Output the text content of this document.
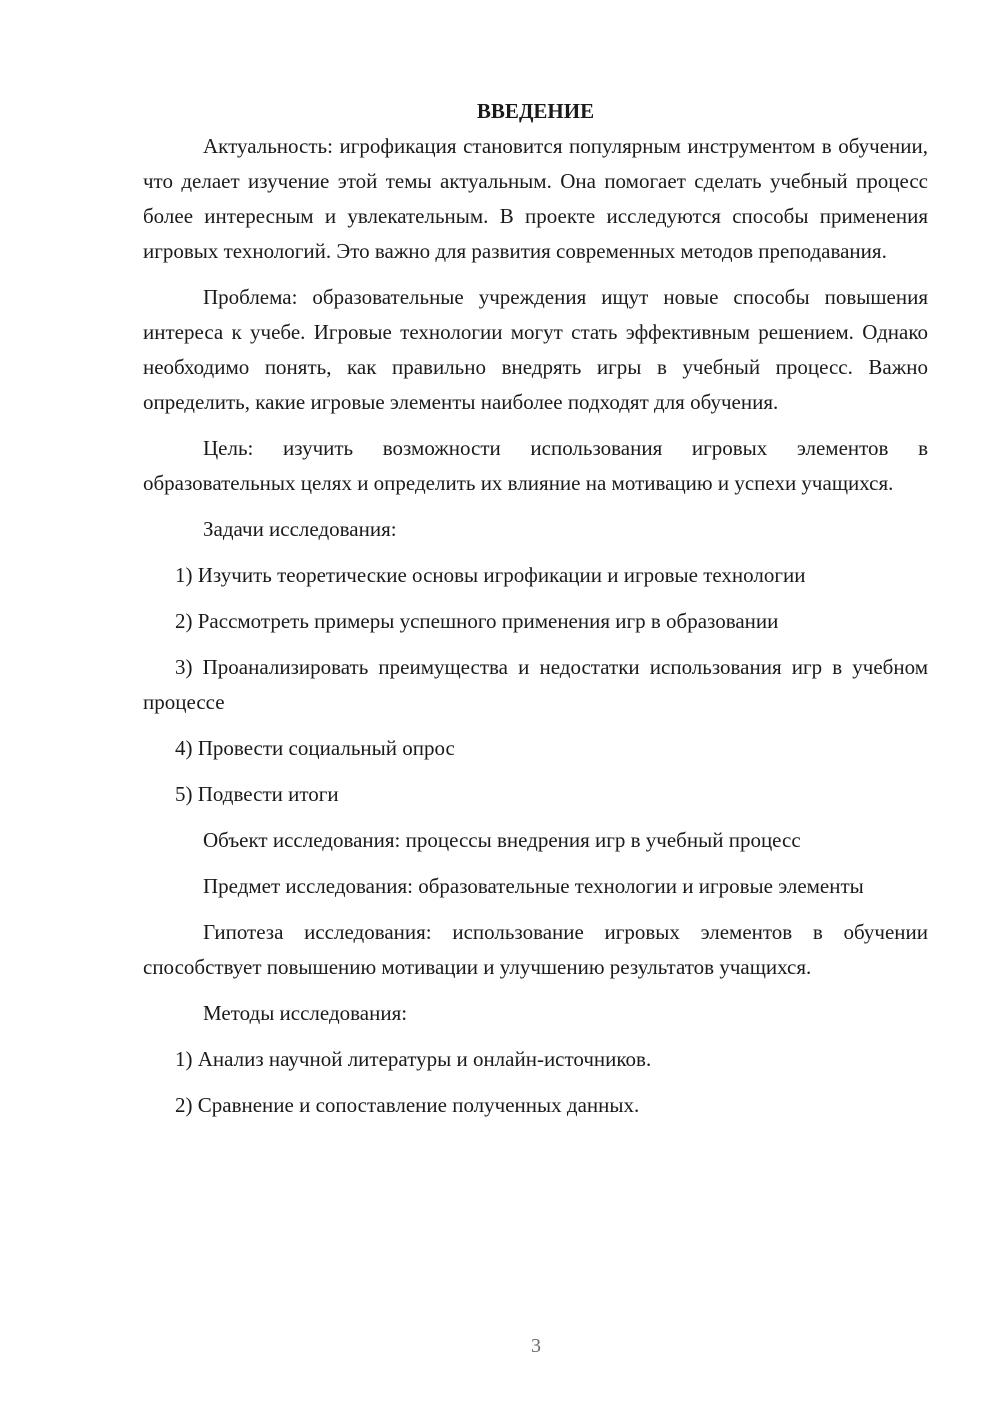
ВВЕДЕНИЕ

Актуальность: игрофикация становится популярным инструментом в обучении, что делает изучение этой темы актуальным. Она помогает сделать учебный процесс более интересным и увлекательным. В проекте исследуются способы применения игровых технологий. Это важно для развития современных методов преподавания.

Проблема: образовательные учреждения ищут новые способы повышения интереса к учебе. Игровые технологии могут стать эффективным решением. Однако необходимо понять, как правильно внедрять игры в учебный процесс. Важно определить, какие игровые элементы наиболее подходят для обучения.

Цель: изучить возможности использования игровых элементов в образовательных целях и определить их влияние на мотивацию и успехи учащихся.

Задачи исследования:

1) Изучить теоретические основы игрофикации и игровые технологии

2) Рассмотреть примеры успешного применения игр в образовании

3) Проанализировать преимущества и недостатки использования игр в учебном процессе

4) Провести социальный опрос

5) Подвести итоги

Объект исследования: процессы внедрения игр в учебный процесс

Предмет исследования: образовательные технологии и игровые элементы

Гипотеза исследования: использование игровых элементов в обучении способствует повышению мотивации и улучшению результатов учащихся.

Методы исследования:

1) Анализ научной литературы и онлайн-источников.

2) Сравнение и сопоставление полученных данных.

3
